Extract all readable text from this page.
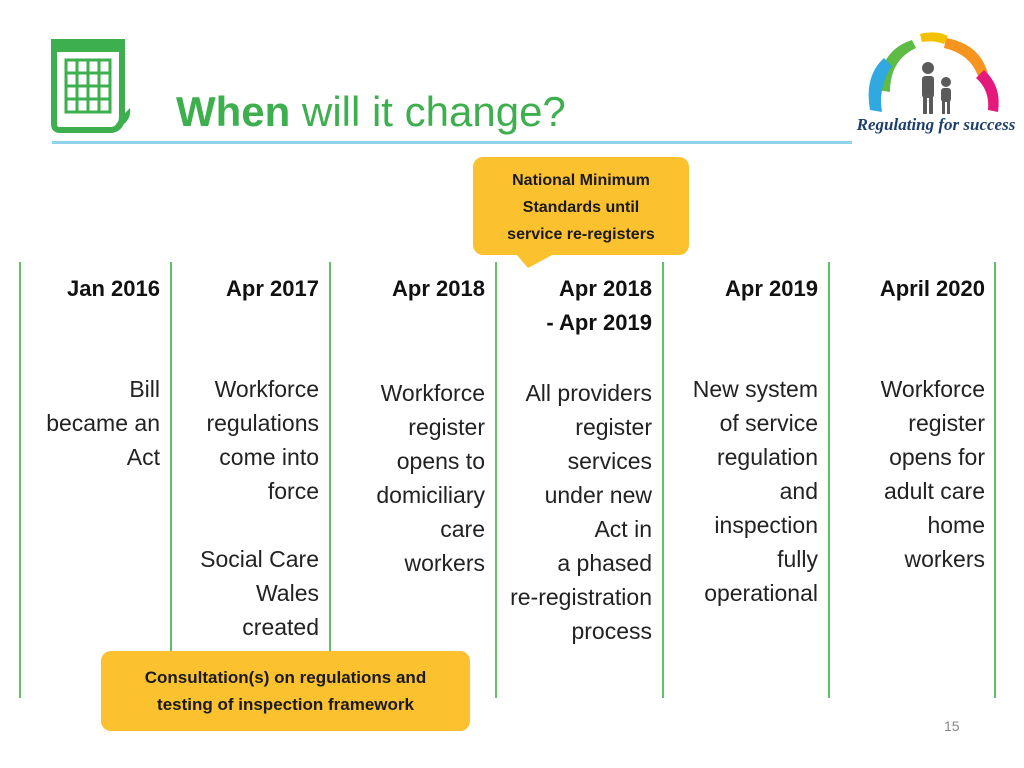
When will it change?	Regulating for success
Jan 2016
Bill
became an
Act
Apr 2017
Workforce
regulations
come into
force
Social Care
Wales
created
Apr 2018
Workforce
register
opens to
domiciliary
care
workers
Apr 2018
- Apr 2019
All providers
register
services
under new
Act in
a phased
re-registration
process
Apr 2019
New system
of service
regulation
and
inspection
fully
operational
April 2020
Workforce
register
opens for
adult care
home
workers
National Minimum
Standards until
service re-registers
Consultation(s) on regulations and
testing of inspection framework
15
